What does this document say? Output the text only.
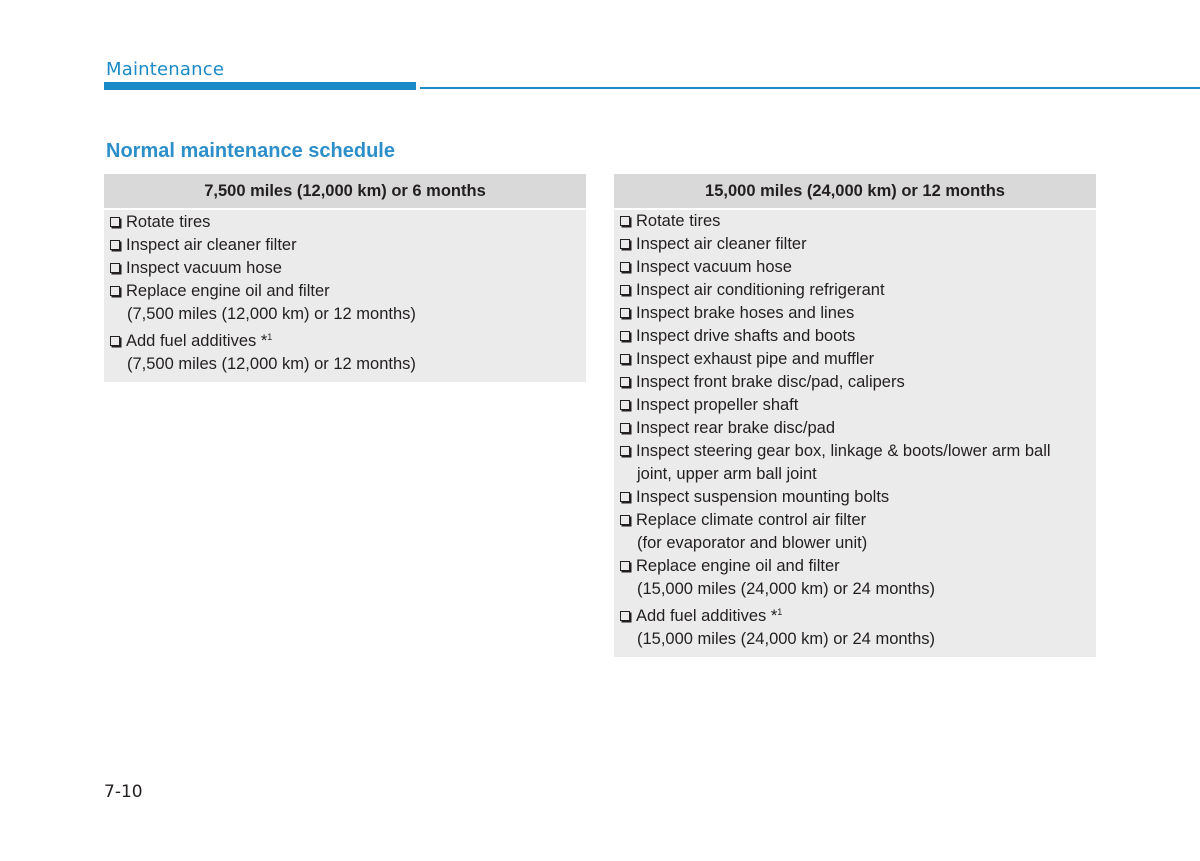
Maintenance
Normal maintenance schedule
7,500 miles (12,000 km) or 6 months
Rotate tires
Inspect air cleaner filter
Inspect vacuum hose
Replace engine oil and filter
(7,500 miles (12,000 km) or 12 months)
Add fuel additives *$^1$
(7,500 miles (12,000 km) or 12 months)
15,000 miles (24,000 km) or 12 months
Rotate tires
Inspect air cleaner filter
Inspect vacuum hose
Inspect air conditioning refrigerant
Inspect brake hoses and lines
Inspect drive shafts and boots
Inspect exhaust pipe and muffler
Inspect front brake disc/pad, calipers
Inspect propeller shaft
Inspect rear brake disc/pad
Inspect steering gear box, linkage & boots/lower arm ball
joint, upper arm ball joint
Inspect suspension mounting bolts
Replace climate control air filter
(for evaporator and blower unit)
Replace engine oil and filter
(15,000 miles (24,000 km) or 24 months)
Add fuel additives *$^1$
(15,000 miles (24,000 km) or 24 months)
7-10
